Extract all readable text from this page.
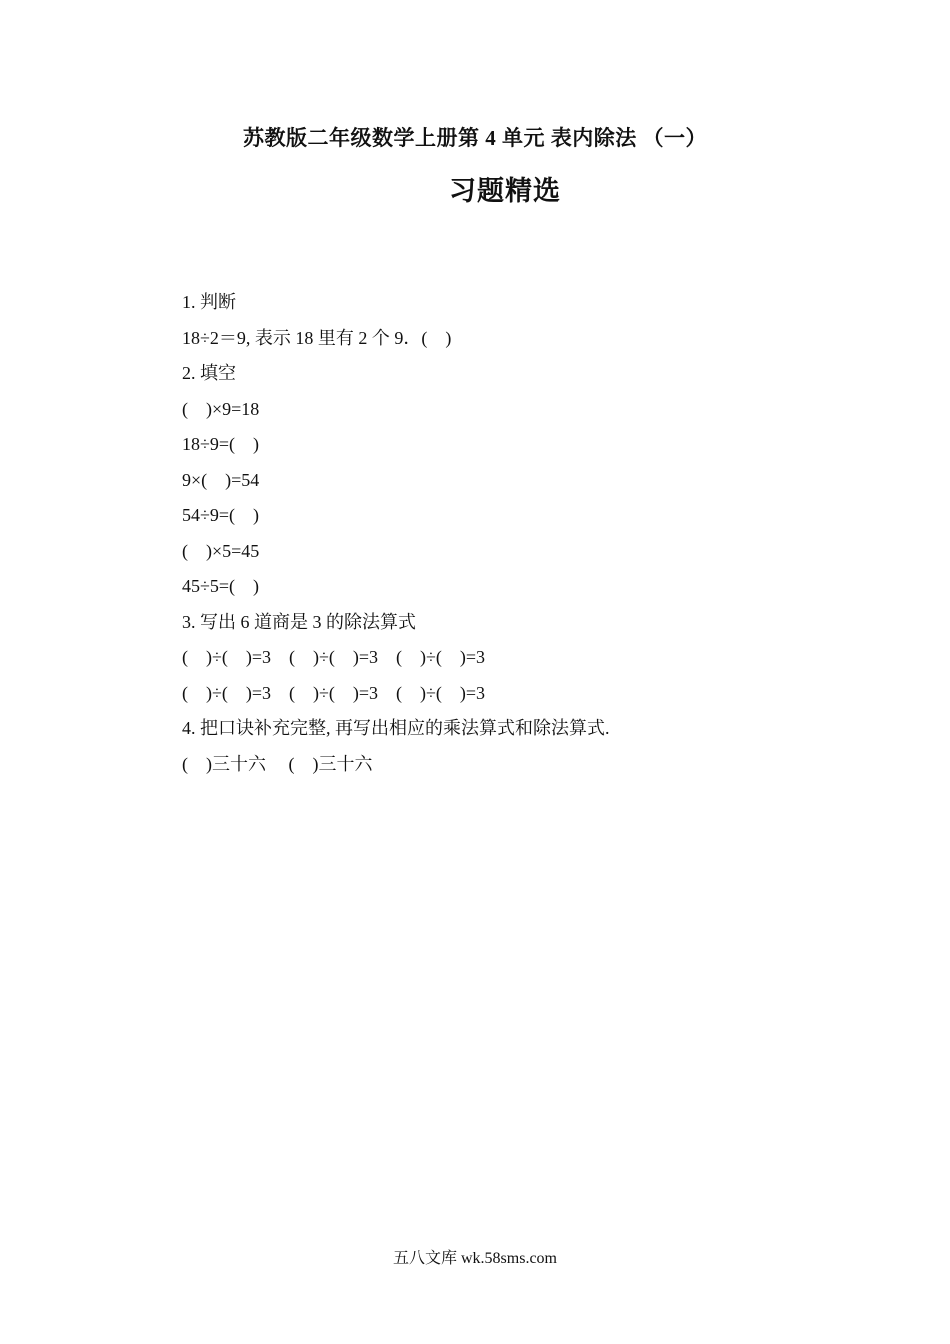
苏教版二年级数学上册第 4 单元 表内除法 （一）
习题精选
1. 判断
18÷2＝9, 表示 18 里有 2 个 9．(    )
2. 填空
(    )×9=18
18÷9=(    )
9×(    )=54
54÷9=(    )
(    )×5=45
45÷5=(    )
3. 写出 6 道商是 3 的除法算式
(    )÷(    )=3    (    )÷(    )=3    (    )÷(    )=3
(    )÷(    )=3    (    )÷(    )=3    (    )÷(    )=3
4. 把口诀补充完整, 再写出相应的乘法算式和除法算式.
(    )三十六     (    )三十六
五八文库 wk.58sms.com
